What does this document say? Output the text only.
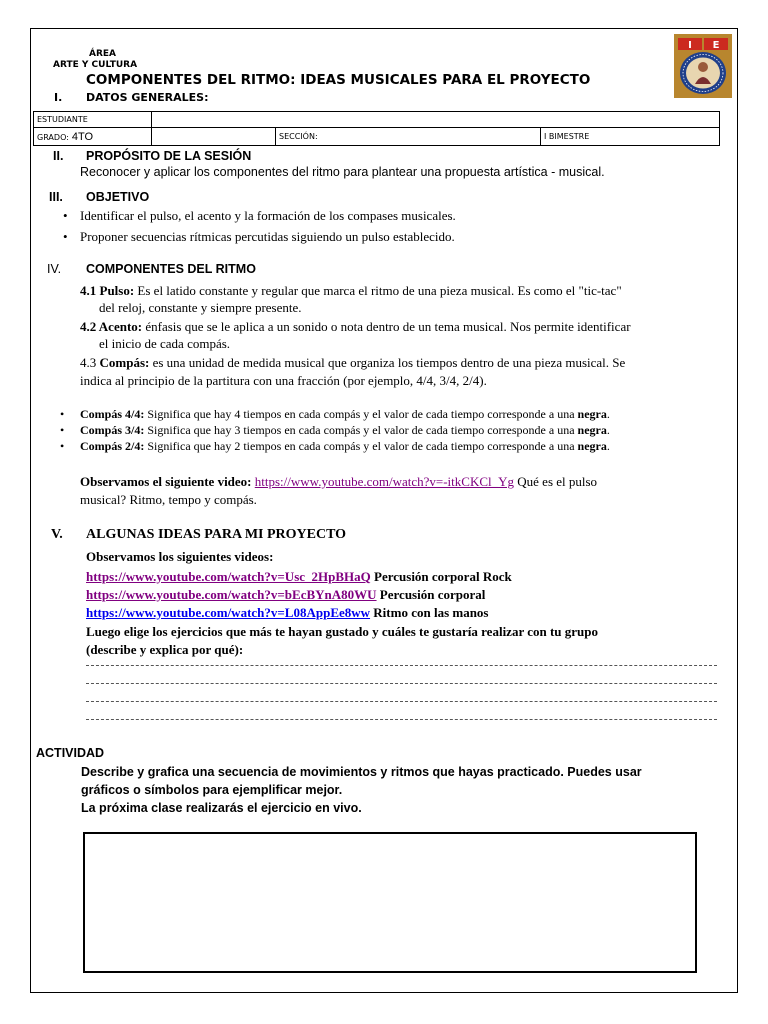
ÁREA
ARTE Y CULTURA
COMPONENTES DEL RITMO: IDEAS MUSICALES PARA EL PROYECTO
I. DATOS GENERALES:
I E
ESTUDIANTE			
GRADO: 4TO		SECCIÓN:	I BIMESTRE
II. PROPÓSITO DE LA SESIÓN
Reconocer y aplicar los componentes del ritmo para plantear una propuesta artística - musical.
III. OBJETIVO
• Identificar el pulso, el acento y la formación de los compases musicales.
• Proponer secuencias rítmicas percutidas siguiendo un pulso establecido.
IV. COMPONENTES DEL RITMO
4.1 Pulso: Es el latido constante y regular que marca el ritmo de una pieza musical. Es como el "tic-tac"
del reloj, constante y siempre presente.
4.2 Acento: énfasis que se le aplica a un sonido o nota dentro de un tema musical. Nos permite identificar
el inicio de cada compás.
4.3 Compás: es una unidad de medida musical que organiza los tiempos dentro de una pieza musical. Se
indica al principio de la partitura con una fracción (por ejemplo, 4/4, 3/4, 2/4).
• Compás 4/4: Significa que hay 4 tiempos en cada compás y el valor de cada tiempo corresponde a una negra.
• Compás 3/4: Significa que hay 3 tiempos en cada compás y el valor de cada tiempo corresponde a una negra.
• Compás 2/4: Significa que hay 2 tiempos en cada compás y el valor de cada tiempo corresponde a una negra.
Observamos el siguiente video: https://www.youtube.com/watch?v=-itkCKCl_Yg Qué es el pulso
musical? Ritmo, tempo y compás.
V. ALGUNAS IDEAS PARA MI PROYECTO
Observamos los siguientes videos:
https://www.youtube.com/watch?v=Usc_2HpBHaQ Percusión corporal Rock
https://www.youtube.com/watch?v=bEcBYnA80WU Percusión corporal
https://www.youtube.com/watch?v=L08AppEe8ww Ritmo con las manos
Luego elige los ejercicios que más te hayan gustado y cuáles te gustaría realizar con tu grupo
(describe y explica por qué):
ACTIVIDAD
Describe y grafica una secuencia de movimientos y ritmos que hayas practicado. Puedes usar
gráficos o símbolos para ejemplificar mejor.
La próxima clase realizarás el ejercicio en vivo.
